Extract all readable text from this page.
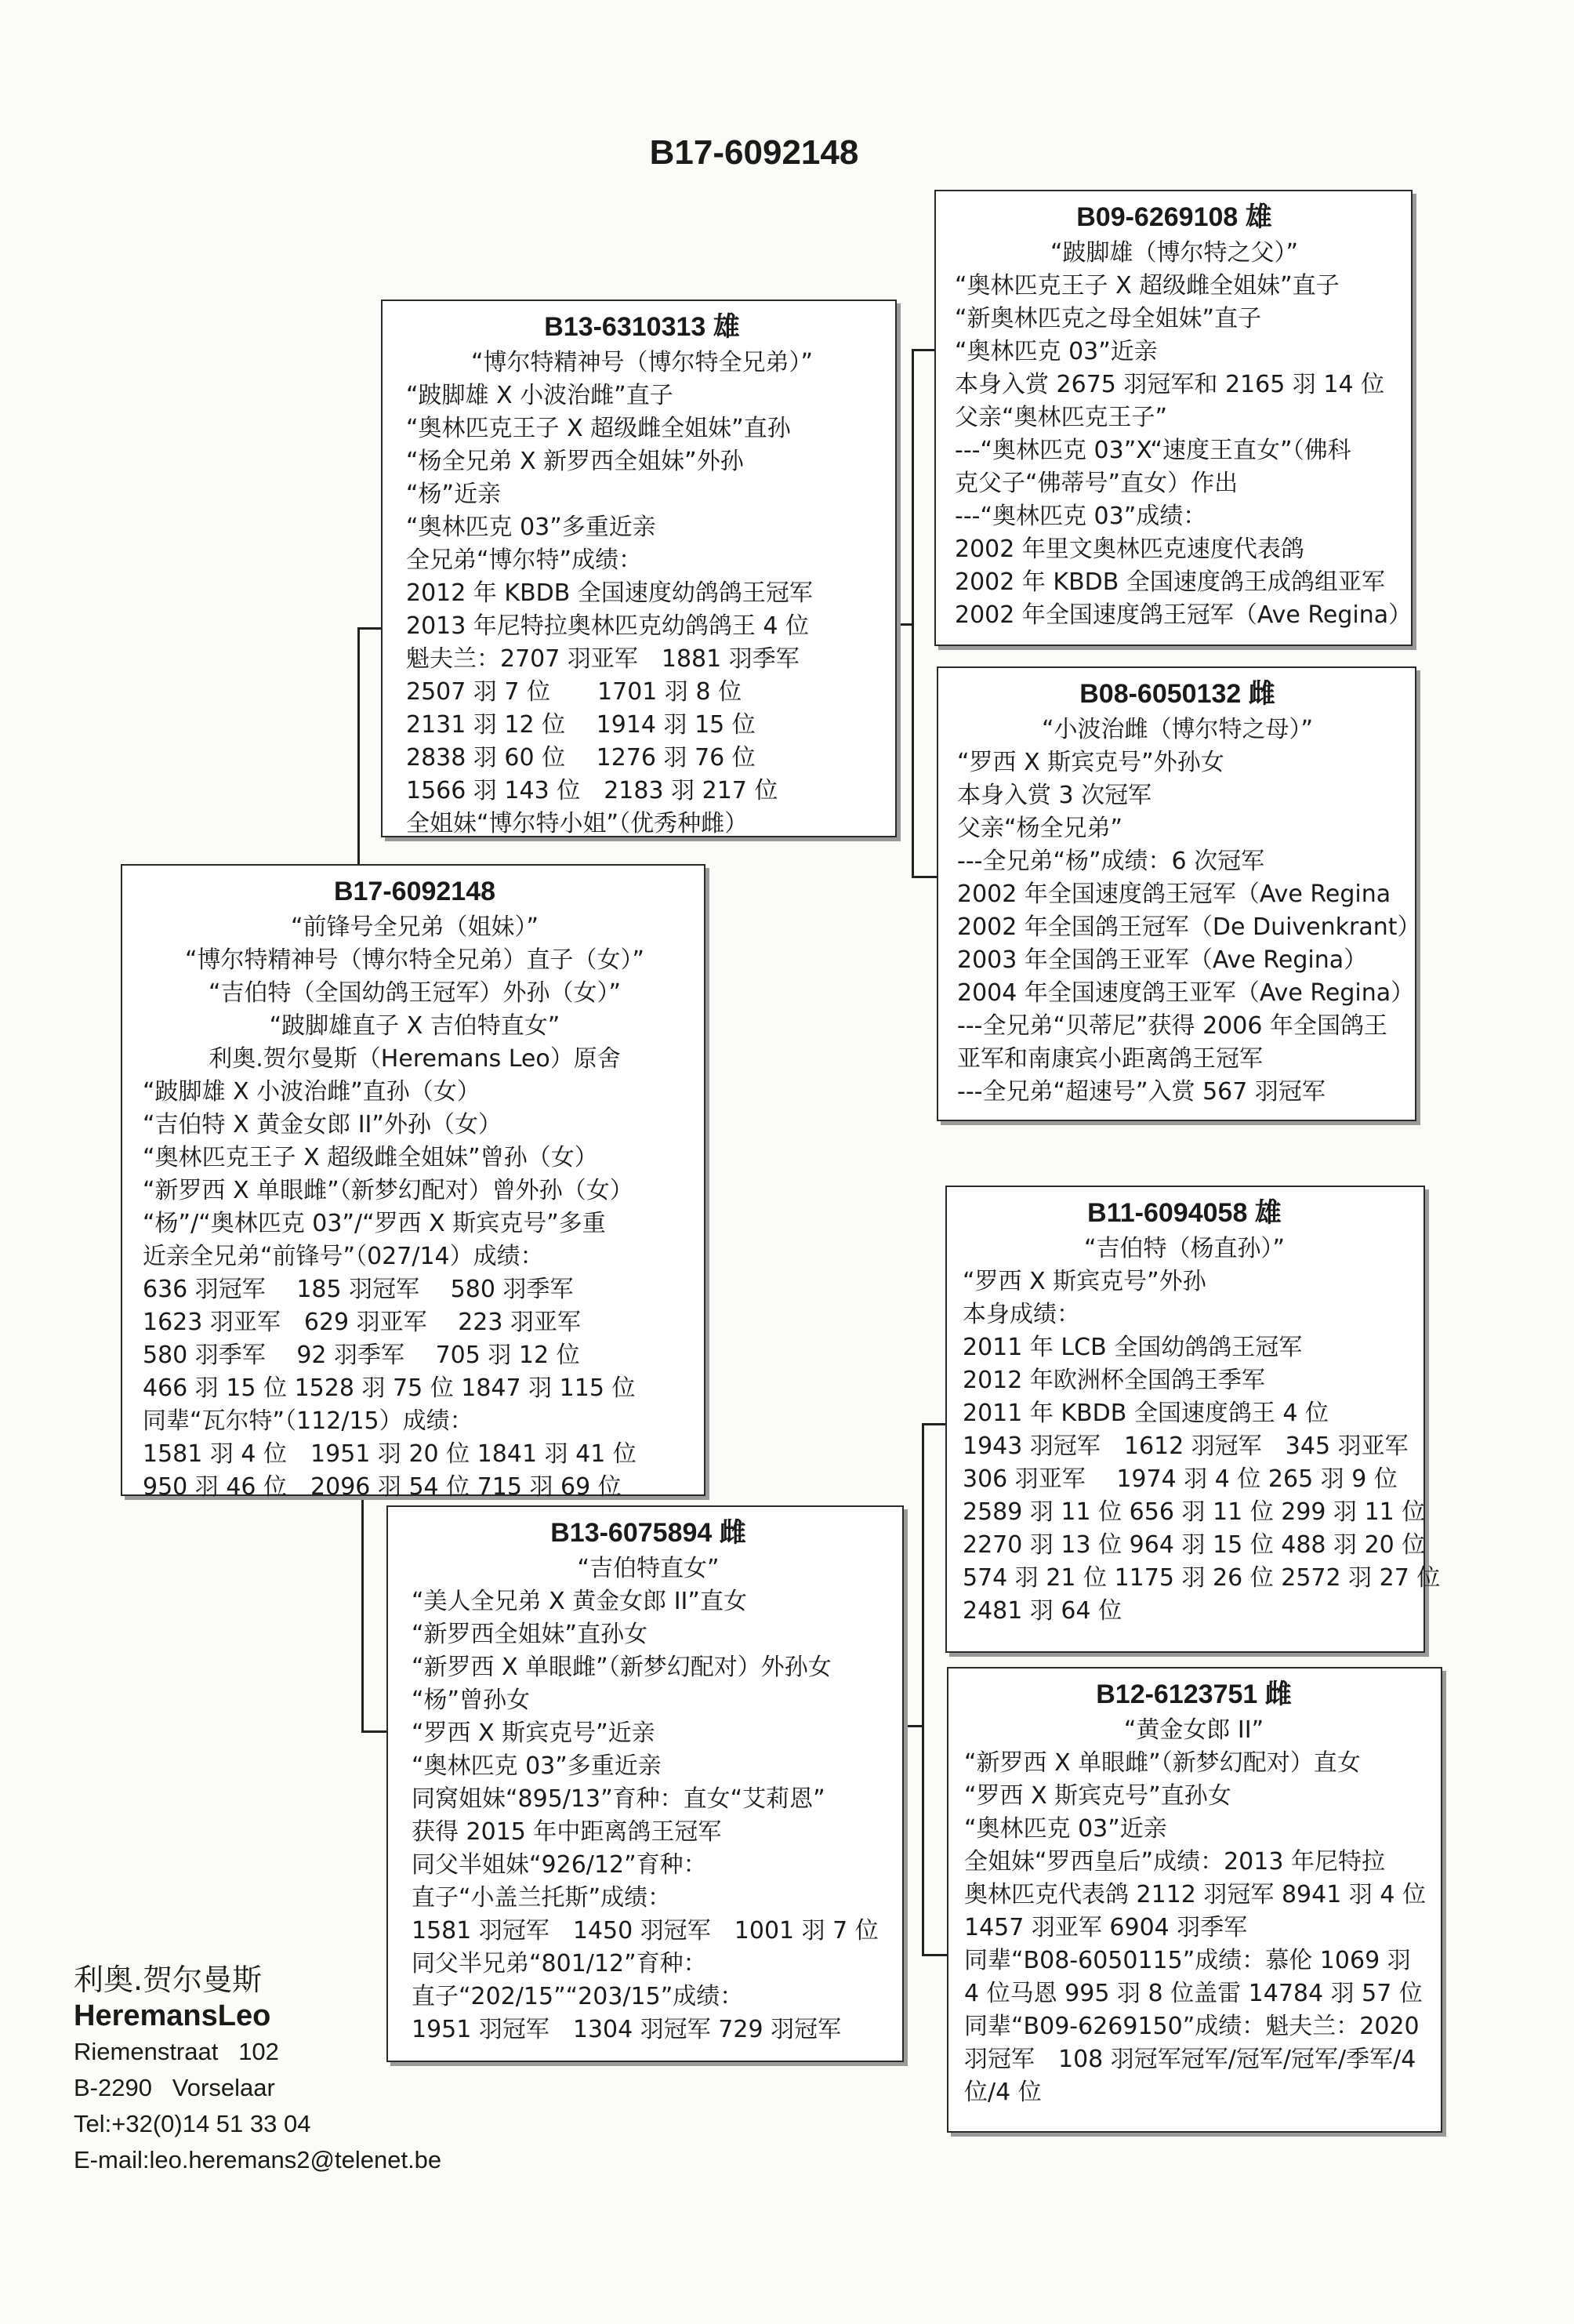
B17-6092148
B13-6310313 雄
“博尔特精神号（博尔特全兄弟）”
“跛脚雄 X 小波治雌”直子
“奥林匹克王子 X 超级雌全姐妹”直孙
“杨全兄弟 X 新罗西全姐妹”外孙
“杨”近亲
“奥林匹克 03”多重近亲
全兄弟“博尔特”成绩：
2012 年 KBDB 全国速度幼鸽鸽王冠军
2013 年尼特拉奥林匹克幼鸽鸽王 4 位
魁夫兰：2707 羽亚军　1881 羽季军
2507 羽 7 位　　1701 羽 8 位
2131 羽 12 位　 1914 羽 15 位
2838 羽 60 位　 1276 羽 76 位
1566 羽 143 位　2183 羽 217 位
全姐妹“博尔特小姐”（优秀种雌）
B17-6092148
“前锋号全兄弟（姐妹）”
“博尔特精神号（博尔特全兄弟）直子（女）”
“吉伯特（全国幼鸽王冠军）外孙（女）”
“跛脚雄直子 X 吉伯特直女”
利奥.贺尔曼斯（Heremans Leo）原舍
“跛脚雄 X 小波治雌”直孙（女）
“吉伯特 X 黄金女郎 II”外孙（女）
“奥林匹克王子 X 超级雌全姐妹”曾孙（女）
“新罗西 X 单眼雌”（新梦幻配对）曾外孙（女）
“杨”/“奥林匹克 03”/“罗西 X 斯宾克号”多重
近亲全兄弟“前锋号”（027/14）成绩：
636 羽冠军　 185 羽冠军　 580 羽季军
1623 羽亚军　629 羽亚军　 223 羽亚军
580 羽季军　 92 羽季军　 705 羽 12 位
466 羽 15 位 1528 羽 75 位 1847 羽 115 位
同辈“瓦尔特”（112/15）成绩：
1581 羽 4 位　1951 羽 20 位 1841 羽 41 位
950 羽 46 位　2096 羽 54 位 715 羽 69 位
B13-6075894 雌
“吉伯特直女”
“美人全兄弟 X 黄金女郎 II”直女
“新罗西全姐妹”直孙女
“新罗西 X 单眼雌”（新梦幻配对）外孙女
“杨”曾孙女
“罗西 X 斯宾克号”近亲
“奥林匹克 03”多重近亲
同窝姐妹“895/13”育种：直女“艾莉恩”
获得 2015 年中距离鸽王冠军
同父半姐妹“926/12”育种：
直子“小盖兰托斯”成绩：
1581 羽冠军　1450 羽冠军　1001 羽 7 位
同父半兄弟“801/12”育种：
直子“202/15”“203/15”成绩：
1951 羽冠军　1304 羽冠军 729 羽冠军
B09-6269108 雄
“跛脚雄（博尔特之父）”
“奥林匹克王子 X 超级雌全姐妹”直子
“新奥林匹克之母全姐妹”直子
“奥林匹克 03”近亲
本身入赏 2675 羽冠军和 2165 羽 14 位
父亲“奥林匹克王子”
---“奥林匹克 03”X“速度王直女”（佛科
克父子“佛蒂号”直女）作出
---“奥林匹克 03”成绩：
2002 年里文奥林匹克速度代表鸽
2002 年 KBDB 全国速度鸽王成鸽组亚军
2002 年全国速度鸽王冠军（Ave Regina）
B08-6050132 雌
“小波治雌（博尔特之母）”
“罗西 X 斯宾克号”外孙女
本身入赏 3 次冠军
父亲“杨全兄弟”
---全兄弟“杨”成绩：6 次冠军
2002 年全国速度鸽王冠军（Ave Regina
2002 年全国鸽王冠军（De Duivenkrant）
2003 年全国鸽王亚军（Ave Regina）
2004 年全国速度鸽王亚军（Ave Regina）
---全兄弟“贝蒂尼”获得 2006 年全国鸽王
亚军和南康宾小距离鸽王冠军
---全兄弟“超速号”入赏 567 羽冠军
B11-6094058 雄
“吉伯特（杨直孙）”
“罗西 X 斯宾克号”外孙
本身成绩：
2011 年 LCB 全国幼鸽鸽王冠军
2012 年欧洲杯全国鸽王季军
2011 年 KBDB 全国速度鸽王 4 位
1943 羽冠军　1612 羽冠军　345 羽亚军
306 羽亚军　 1974 羽 4 位 265 羽 9 位
2589 羽 11 位 656 羽 11 位 299 羽 11 位
2270 羽 13 位 964 羽 15 位 488 羽 20 位
574 羽 21 位 1175 羽 26 位 2572 羽 27 位
2481 羽 64 位
B12-6123751 雌
“黄金女郎 II”
“新罗西 X 单眼雌”（新梦幻配对）直女
“罗西 X 斯宾克号”直孙女
“奥林匹克 03”近亲
全姐妹“罗西皇后”成绩：2013 年尼特拉
奥林匹克代表鸽 2112 羽冠军 8941 羽 4 位
1457 羽亚军 6904 羽季军
同辈“B08-6050115”成绩：慕伦 1069 羽
4 位马恩 995 羽 8 位盖雷 14784 羽 57 位
同辈“B09-6269150”成绩：魁夫兰：2020
羽冠军　108 羽冠军冠军/冠军/冠军/季军/4
位/4 位
利奥.贺尔曼斯
HeremansLeo
Riemenstraat   102
B-2290   Vorselaar
Tel:+32(0)14 51 33 04
E-mail:leo.heremans2@telenet.be
